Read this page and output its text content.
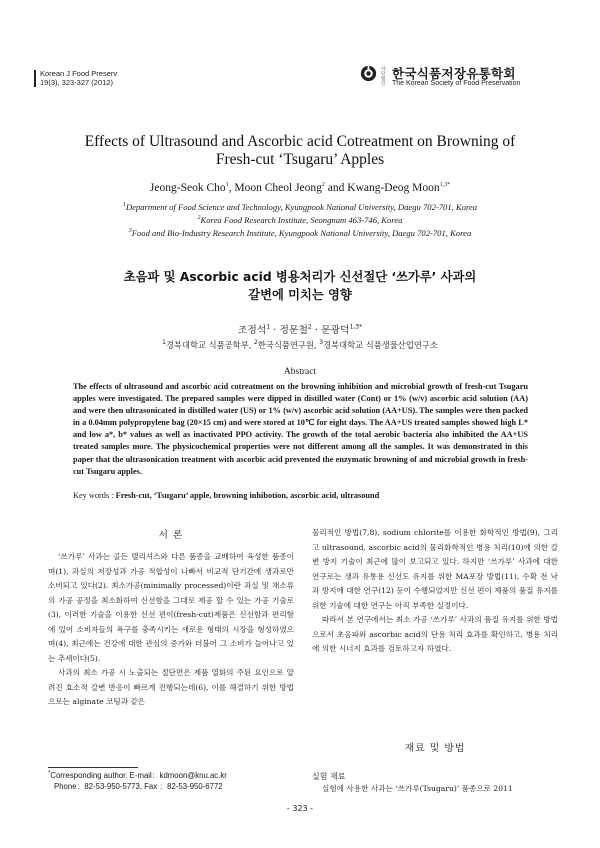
Korean J Food Preserv
19(3), 323-327 (2012)
사단
법인
한국식품저장유통학회
The Korean Society of Food Preservation
Effects of Ultrasound and Ascorbic acid Cotreatment on Browning of
Fresh-cut ‘Tsugaru’ Apples
Jeong-Seok Cho$^1$, Moon Cheol Jeong$^2$ and Kwang-Deog Moon$^{1,3*}$
$^1$Department of Food Science and Technology, Kyungpook National University, Daegu 702-701, Korea
$^2$Korea Food Research Institute, Seongnam 463-746, Korea
$^3$Food and Bio-Industry Research Institute, Kyungpook National University, Daegu 702-701, Korea
초음파 및 Ascorbic acid 병용처리가 신선절단 ‘쓰가루’ 사과의
갈변에 미치는 영향
조정석$^1$ · 정문철$^2$ · 문광덕$^{1,3*}$
$^1$경북대학교 식품공학부, $^2$한국식품연구원, $^3$경북대학교 식품생물산업연구소
Abstract
The effects of ultrasound and ascorbic acid cotreatment on the browning inhibition and microbial growth of fresh-cut Tsugaru apples were investigated. The prepared samples were dipped in distilled water (Cont) or 1% (w/v) ascorbic acid solution (AA) and were then ultrasonicated in distilled water (US) or 1% (w/v) ascorbic acid solution (AA+US). The samples were then packed in a 0.04mm polypropylene bag (20×15 cm) and were stored at 10℃ for eight days. The AA+US treated samples showed high L* and low a*, b* values as well as inactivated PPO activity. The growth of the total aerobic bacteria also inhibited the AA+US treated samples more. The physicochemical properties were not different among all the samples. It was demonstrated in this paper that the ultrasonication treatment with ascorbic acid prevented the enzymatic browning of and microbial growth in fresh-cut Tsugaru apples.
Key words : Fresh-cut, ‘Tsugaru’ apple, browning inhibotion, ascorbic acid, ultrasound
서 론

‘쓰가루’ 사과는 골든 델리셔스와 다른 품종을 교배하여 육성한 품종이며(1), 과실의 저장성과 가공 적합성이 나빠서 비교적 단기간에 생과로만 소비되고 있다(2). 최소가공(minimally processed)이란 과실 및 채소류의 가공 공정을 최소화하여 신선함을 그대로 제공 할 수 있는 가공 기술로(3), 이러한 기술을 이용한 신선 편이(fresh-cut)제품은 신선함과 편리함에 있어 소비자들의 욕구를 충족시키는 새로운 형태의 시장을 형성하였으며(4), 최근에는 건강에 대한 관심의 증가와 더불어 그 소비가 늘어나고 있는 추세이다(5).

사과의 최소 가공 시 노출되는 절단면은 제품 열화의 주된 요인으로 알려진 효소적 갈변 반응이 빠르게 진행되는데(6), 이를 해결하기 위한 방법으로는 alginate 코팅과 같은

*Corresponding author. E-mail：kdmoon@knu.ac.kr
Phone：82-53-950-5773, Fax ：82-53-950-6772

물리적인 방법(7,8), sodium chlorite를 이용한 화학적인 방법(9), 그리고 ultrasound, ascorbic acid의 물리화학적인 병용 처리(10)에 의한 갈변 방지 기술이 최근에 많이 보고되고 있다. 하지만 ‘쓰가루’ 사과에 대한 연구로는 생과 유통용 신선도 유지를 위한 MA포장 방법(11), 수확 전 낙과 방지에 대한 연구(12) 등이 수행되었지만 신선 편이 제품의 품질 유지를 위한 기술에 대한 연구는 아직 부족한 실정이다.

따라서 본 연구에서는 최소 가공 ‘쓰가루’ 사과의 품질 유지를 위한 방법으로서 초음파와 ascorbic acid의 단용 처리 효과를 확인하고, 병용 처리에 의한 시너지 효과를 검토하고자 하였다.

재료 및 방법
실험 재료

실험에 사용한 사과는 ‘쓰가루(Tsugaru)’ 품종으로 2011

- 323 -
